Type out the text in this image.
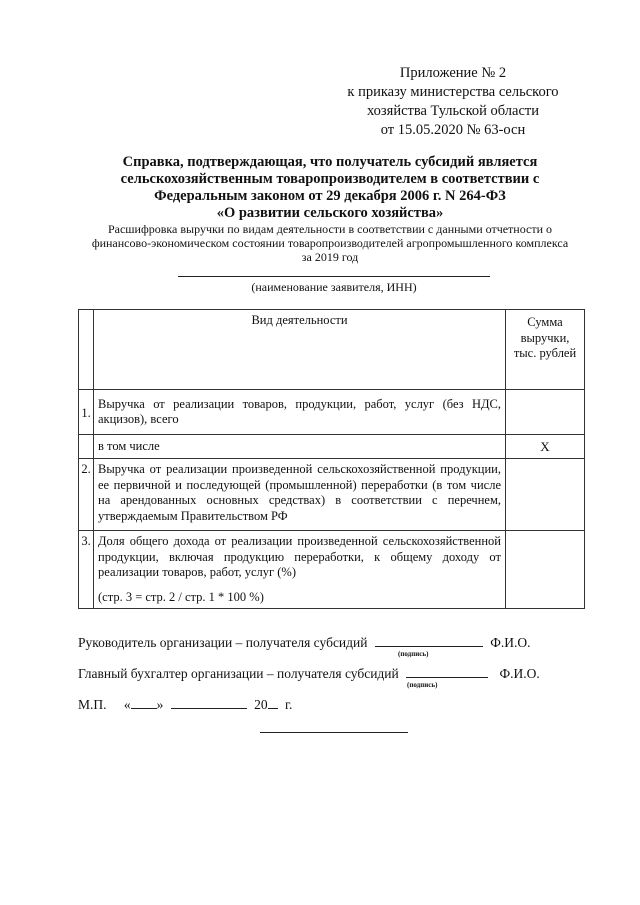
Приложение № 2
к приказу министерства сельского
хозяйства Тульской области
от 15.05.2020 № 63-осн
Справка, подтверждающая, что получатель субсидий является
сельскохозяйственным товаропроизводителем в соответствии с
Федеральным законом от 29 декабря 2006 г. N 264-ФЗ
«О развитии сельского хозяйства»
Расшифровка выручки по видам деятельности в соответствии с данными отчетности о
финансово-экономическом состоянии товаропроизводителей агропромышленного комплекса
за 2019 год
(наименование заявителя, ИНН)
	Вид деятельности	Сумма
выручки,
тыс. рублей

1.	Выручка от реализации товаров, продукции, работ, услуг (без НДС, акцизов), всего	
	в том числе	X
2.	Выручка от реализации произведенной сельскохозяйственной продукции, ее первичной и последующей (промышленной) переработки (в том числе на арендованных основных средствах) в соответствии с перечнем, утверждаемым Правительством РФ	
3.	Доля общего дохода от реализации произведенной сельскохозяйственной продукции, включая продукцию переработки, к общему доходу от реализации товаров, работ, услуг (%)
(стр. 3 = стр. 2 / стр. 1 * 100 %)	

Руководитель организации – получателя субсидий	Ф.И.О.
(подпись)
Главный бухгалтер организации – получателя субсидий	Ф.И.О.
(подпись)
М.П. « »	20 г.
